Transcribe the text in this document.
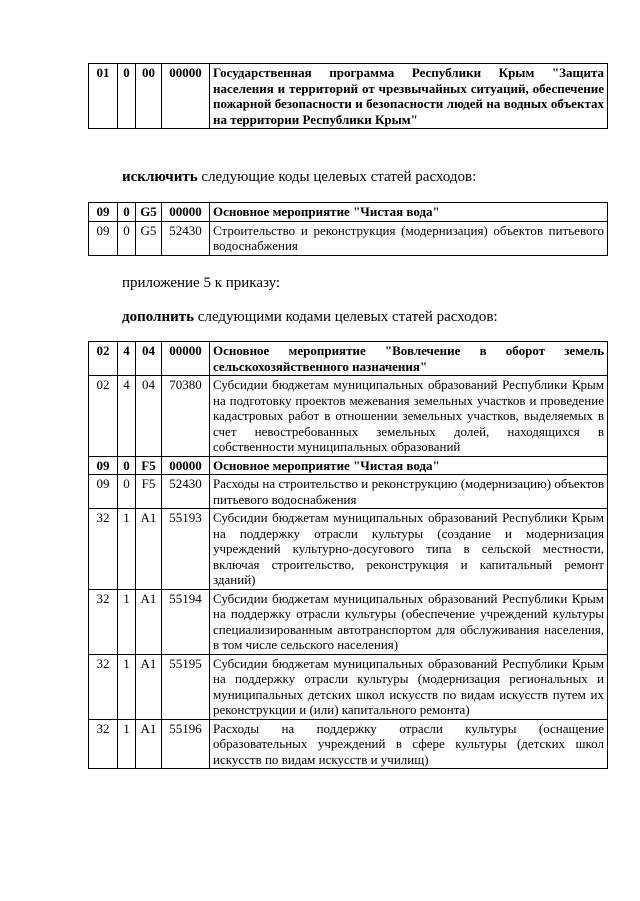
01	0	00	00000	Государственная программа Республики Крым "Защита населения и территорий от чрезвычайных ситуаций, обеспечение пожарной безопасности и безопасности людей на водных объектах на территории Республики Крым"
исключить следующие коды целевых статей расходов:
09	0	G5	00000	Основное мероприятие "Чистая вода"
09	0	G5	52430	Строительство и реконструкция (модернизация) объектов питьевого водоснабжения
приложение 5 к приказу:
дополнить следующими кодами целевых статей расходов:
02	4	04	00000	Основное мероприятие "Вовлечение в оборот земель сельскохозяйственного назначения"
02	4	04	70380	Субсидии бюджетам муниципальных образований Республики Крым на подготовку проектов межевания земельных участков и проведение кадастровых работ в отношении земельных участков, выделяемых в счет невостребованных земельных долей, находящихся в собственности муниципальных образований
09	0	F5	00000	Основное мероприятие "Чистая вода"
09	0	F5	52430	Расходы на строительство и реконструкцию (модернизацию) объектов питьевого водоснабжения
32	1	A1	55193	Субсидии бюджетам муниципальных образований Республики Крым на поддержку отрасли культуры (создание и модернизация учреждений культурно-досугового типа в сельской местности, включая строительство, реконструкция и капитальный ремонт зданий)
32	1	A1	55194	Субсидии бюджетам муниципальных образований Республики Крым на поддержку отрасли культуры (обеспечение учреждений культуры специализированным автотранспортом для обслуживания населения, в том числе сельского населения)
32	1	A1	55195	Субсидии бюджетам муниципальных образований Республики Крым на поддержку отрасли культуры (модернизация региональных и муниципальных детских школ искусств по видам искусств путем их реконструкции и (или) капитального ремонта)
32	1	A1	55196	Расходы на поддержку отрасли культуры (оснащение образовательных учреждений в сфере культуры (детских школ искусств по видам искусств и училищ)
